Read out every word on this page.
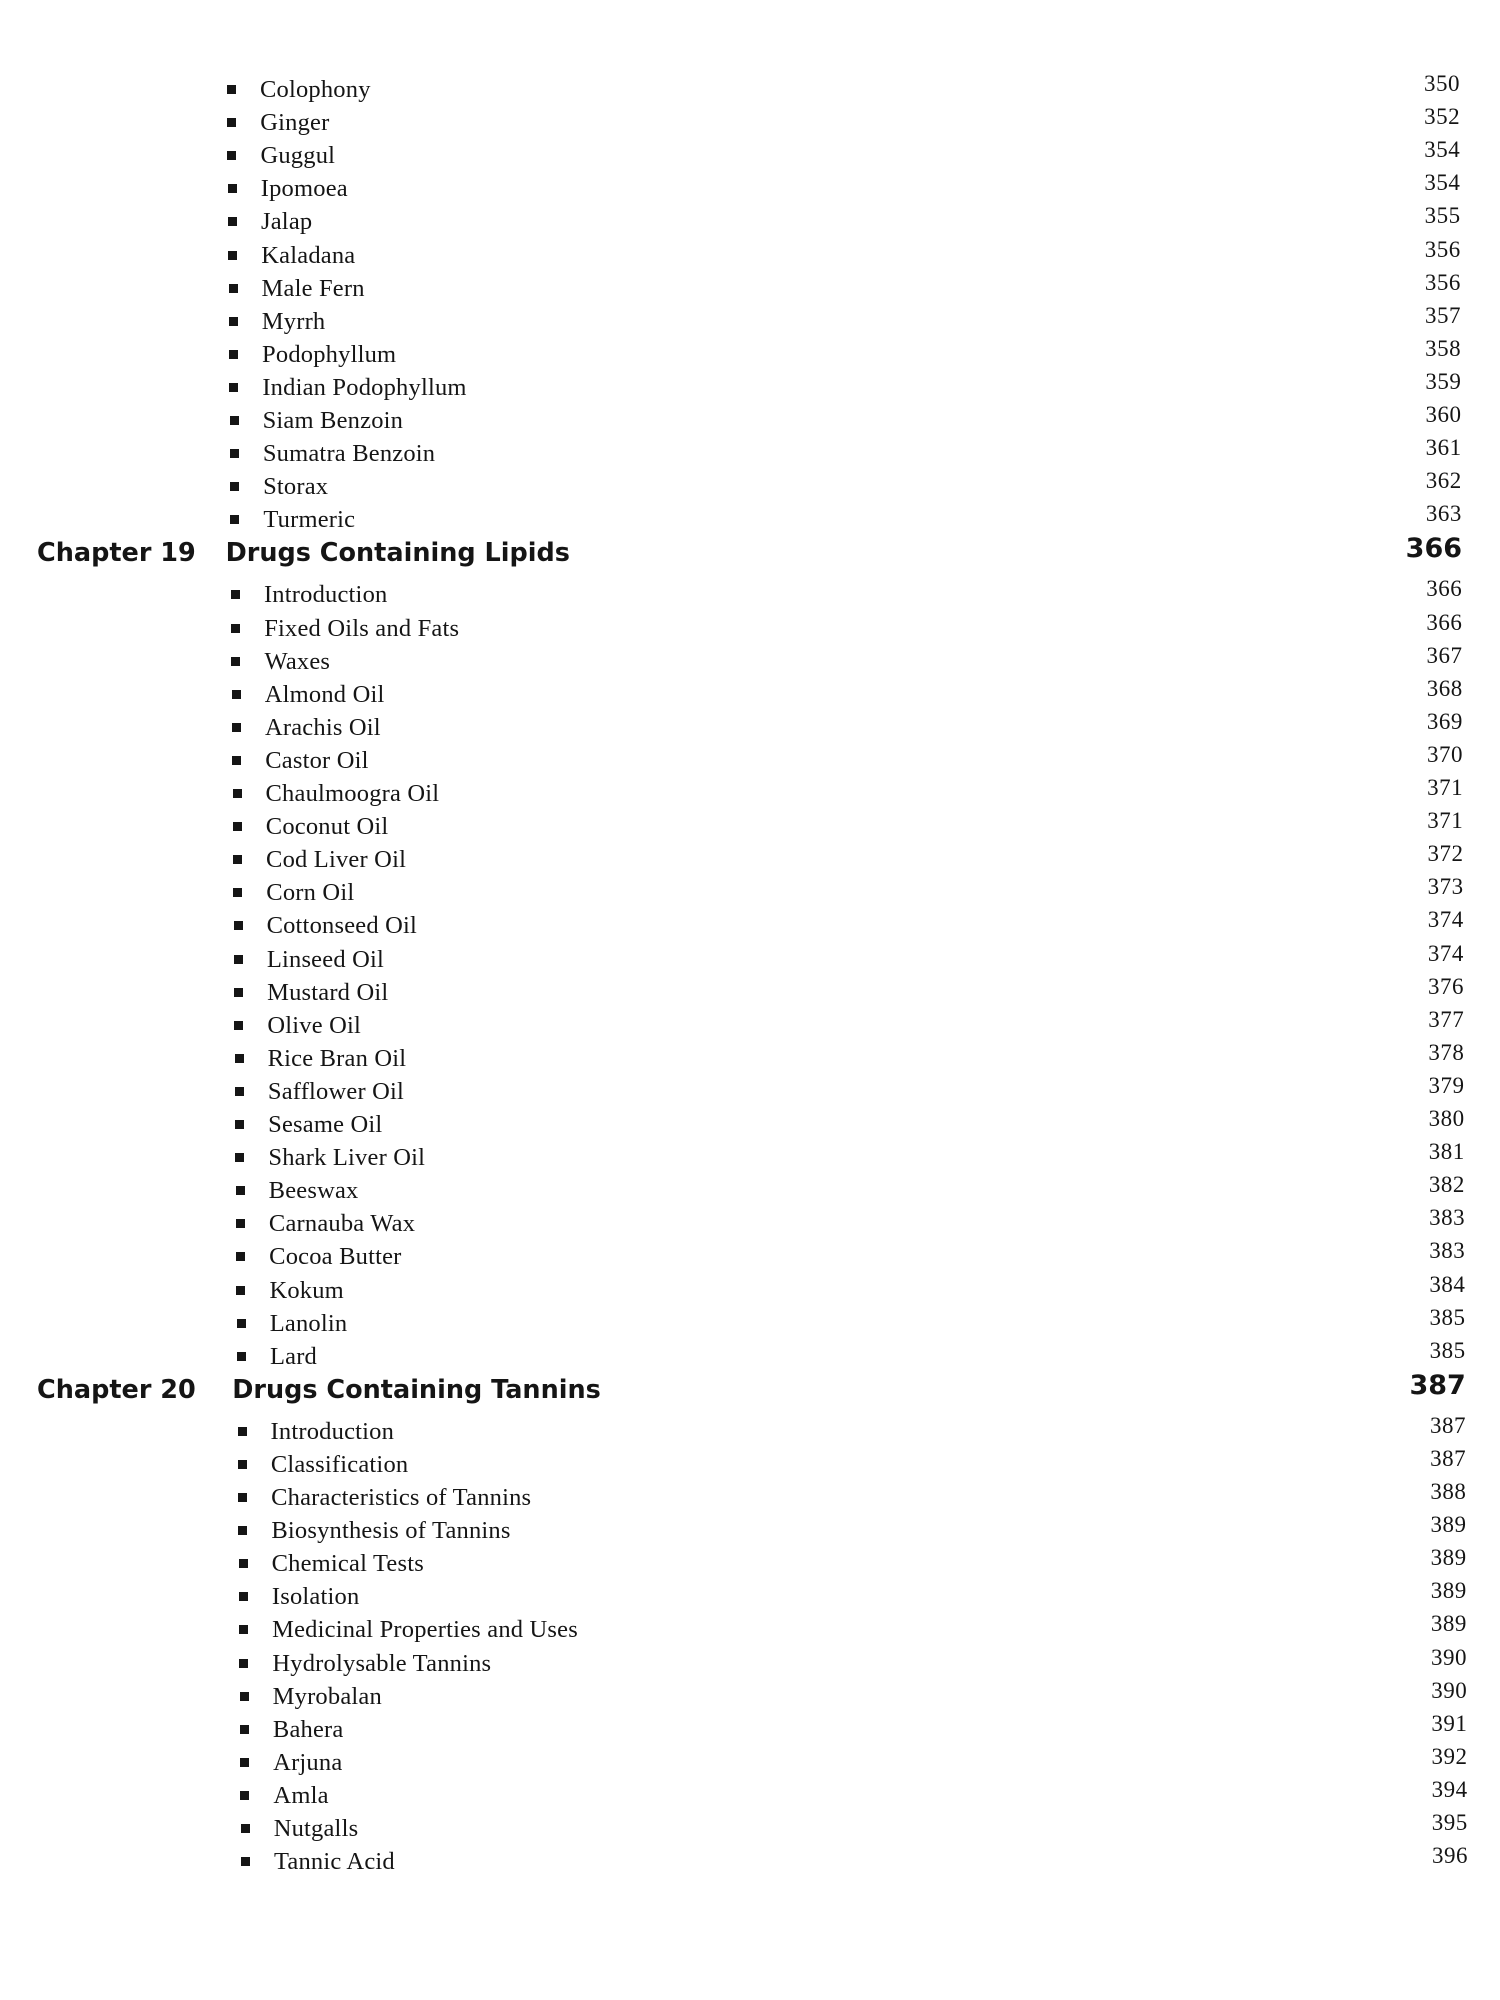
Colophony	350
Ginger	352
Guggul	354
Ipomoea	354
Jalap	355
Kaladana	356
Male Fern	356
Myrrh	357
Podophyllum	358
Indian Podophyllum	359
Siam Benzoin	360
Sumatra Benzoin	361
Storax	362
Turmeric	363
Chapter 19 Drugs Containing Lipids	366
Introduction	366
Fixed Oils and Fats	366
Waxes	367
Almond Oil	368
Arachis Oil	369
Castor Oil	370
Chaulmoogra Oil	371
Coconut Oil	371
Cod Liver Oil	372
Corn Oil	373
Cottonseed Oil	374
Linseed Oil	374
Mustard Oil	376
Olive Oil	377
Rice Bran Oil	378
Safflower Oil	379
Sesame Oil	380
Shark Liver Oil	381
Beeswax	382
Carnauba Wax	383
Cocoa Butter	383
Kokum	384
Lanolin	385
Lard	385
Chapter 20 Drugs Containing Tannins	387
Introduction	387
Classification	387
Characteristics of Tannins	388
Biosynthesis of Tannins	389
Chemical Tests	389
Isolation	389
Medicinal Properties and Uses	389
Hydrolysable Tannins	390
Myrobalan	390
Bahera	391
Arjuna	392
Amla	394
Nutgalls	395
Tannic Acid	396
